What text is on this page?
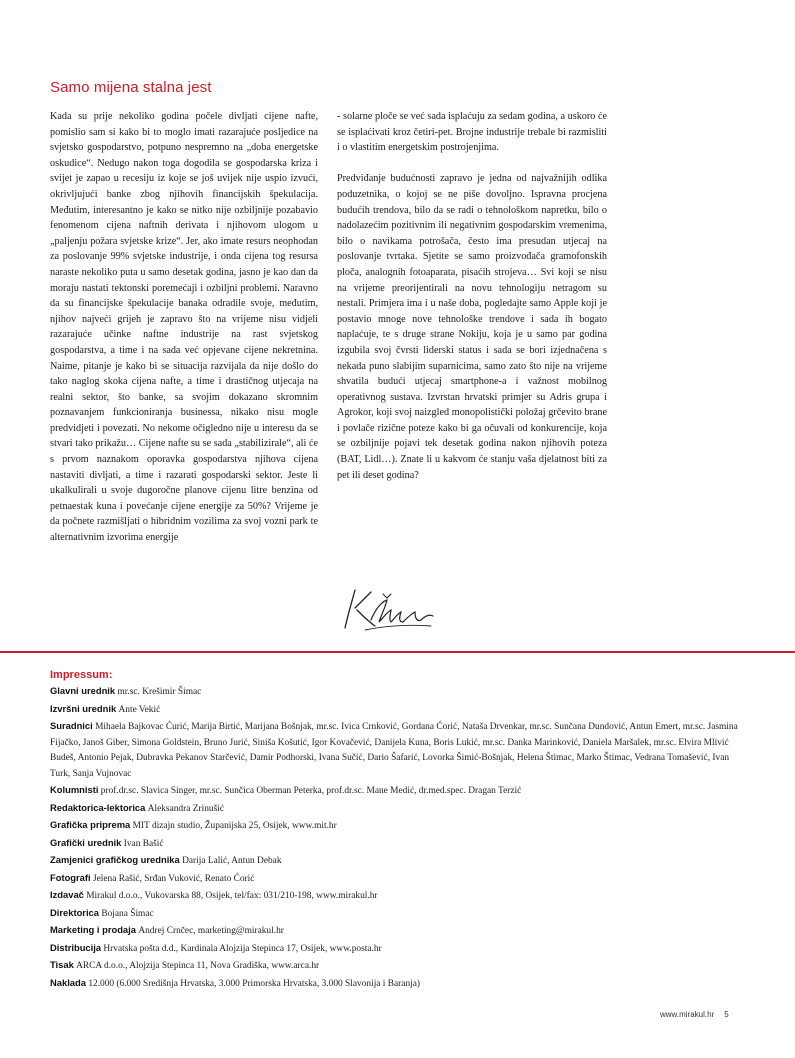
Samo mijena stalna jest

Kada su prije nekoliko godina počele divljati cijene nafte, pomislio sam si kako bi to moglo imati razarajuće posljedice na svjetsko gospodarstvo, potpuno nespremno na „doba energetske oskudice“. Nedugo nakon toga dogodila se gospodarska kriza i svijet je zapao u recesiju iz koje se još uvijek nije uspio izvući, okrivljujući banke zbog njihovih financijskih špekulacija. Međutim, interesantno je kako se nitko nije ozbiljnije pozabavio fenomenom cijena naftnih derivata i njihovom ulogom u „paljenju požara svjetske krize“. Jer, ako imate resurs neophodan za poslovanje 99% svjetske industrije, i onda cijena tog resursa naraste nekoliko puta u samo desetak godina, jasno je kao dan da moraju nastati tektonski poremećaji i ozbiljni problemi. Naravno da su financijske špekulacije banaka odradile svoje, međutim, njihov najveći grijeh je zapravo što na vrijeme nisu vidjeli razarajuće učinke naftne industrije na rast svjetskog gospodarstva, a time i na sada već opjevane cijene nekretnina. Naime, pitanje je kako bi se situacija razvijala da nije došlo do tako naglog skoka cijena nafte, a time i drastičnog utjecaja na realni sektor, što banke, sa svojim dokazano skromnim poznavanjem funkcioniranja businessa, nikako nisu mogle predvidjeti i povezati. No nekome očigledno nije u interesu da se stvari tako prikažu… Cijene nafte su se sada „stabilizirale“, ali će s prvom naznakom oporavka gospodarstva njihova cijena nastaviti divljati, a time i razarati gospodarski sektor. Jeste li ukalkulirali u svoje dugoročne planove cijenu litre benzina od petnaestak kuna i povećanje cijene energije za 50%? Vrijeme je da počnete razmišljati o hibridnim vozilima za svoj vozni park te alternativnim izvorima energije

- solarne ploče se već sada isplaćuju za sedam godina, a uskoro će se isplaćivati kroz četiri-pet. Brojne industrije trebale bi razmisliti i o vlastitim energetskim postrojenjima.

Predviđanje budućnosti zapravo je jedna od najvažnijih odlika poduzetnika, o kojoj se ne piše dovoljno. Ispravna procjena budućih trendova, bilo da se radi o tehnološkom napretku, bilo o nadolazećim pozitivnim ili negativnim gospodarskim vremenima, bilo o navikama potrošača, često ima presudan utjecaj na poslovanje tvrtaka. Sjetite se samo proizvođača gramofonskih ploča, analognih fotoaparata, pisaćih strojeva… Svi koji se nisu na vrijeme preorijentirali na novu tehnologiju netragom su nestali. Primjera ima i u naše doba, pogledajte samo Apple koji je postavio mnoge nove tehnološke trendove i sada ih bogato naplaćuje, te s druge strane Nokiju, koja je u samo par godina izgubila svoj čvrsti liderski status i sada se bori izjednačena s nekada puno slabijim suparnicima, samo zato što nije na vrijeme shvatila budući utjecaj smartphone-a i važnost mobilnog operativnog sustava. Izvrstan hrvatski primjer su Adris grupa i Agrokor, koji svoj naizgled monopolistički položaj grčevito brane i povlače rizične poteze kako bi ga očuvali od konkurencije, koja se ozbiljnije pojavi tek desetak godina nakon njihovih poteza (BAT, Lidl…). Znate li u kakvom će stanju vaša djelatnost biti za pet ili deset godina?

Impressum:

Glavni urednik mr.sc. Krešimir Šimac

Izvršni urednik Ante Vekić

Suradnici Mihaela Bajkovac Ćurić, Marija Birtić, Marijana Bošnjak, mr.sc. Ivica Crnković, Gordana Ćorić, Nataša Drvenkar, mr.sc. Sunčana Dundović, Antun Emert, mr.sc. Jasmina Fijačko, Janoš Giber, Simona Goldstein, Bruno Jurić, Siniša Košutić, Igor Kovačević, Danijela Kuna, Boris Lukić, mr.sc. Danka Marinković, Daniela Maršalek, mr.sc. Elvira Mlivić Budeš, Antonio Pejak, Dubravka Pekanov Starčević, Damir Podhorski, Ivana Sučić, Dario Šafarić, Lovorka Šimić-Bošnjak, Helena Štimac, Marko Štimac, Vedrana Tomašević, Ivan Turk, Sanja Vujnovac

Kolumnisti prof.dr.sc. Slavica Singer, mr.sc. Sunčica Oberman Peterka, prof.dr.sc. Mane Medić, dr.med.spec. Dragan Terzić

Redaktorica-lektorica Aleksandra Zrinušić

Grafička priprema MIT dizajn studio, Županijska 25, Osijek, www.mit.hr

Grafički urednik Ivan Bašić

Zamjenici grafičkog urednika Darija Lalić, Antun Debak

Fotografi Jelena Rašić, Srđan Vuković, Renato Ćorić

Izdavač Mirakul d.o.o., Vukovarska 88, Osijek, tel/fax: 031/210-198, www.mirakul.hr

Direktorica Bojana Šimac

Marketing i prodaja Andrej Crnčec, marketing@mirakul.hr

Distribucija Hrvatska pošta d.d., Kardinala Alojzija Stepinca 17, Osijek, www.posta.hr

Tisak ARCA d.o.o., Alojzija Stepinca 11, Nova Gradiška, www.arca.hr

Naklada 12.000 (6.000 Središnja Hrvatska, 3.000 Primorska Hrvatska, 3.000 Slavonija i Baranja)

www.mirakul.hr 5
